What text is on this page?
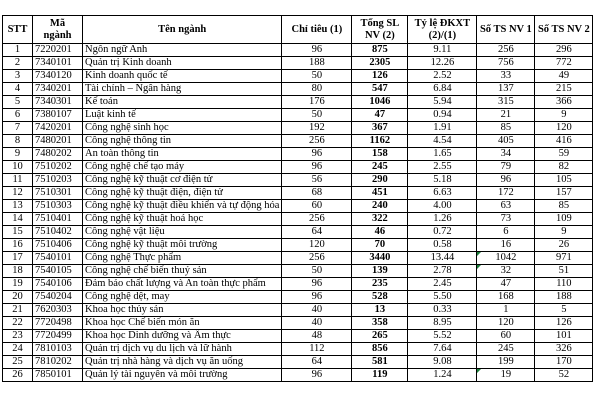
STT	Mã ngành	Tên ngành	Chỉ tiêu (1)	Tổng SL NV (2)	Tỷ lệ ĐKXT (2)/(1)	Số TS NV 1	Số TS NV 2
1	7220201	Ngôn ngữ Anh	96	875	9.11	256	296
2	7340101	Quản trị Kinh doanh	188	2305	12.26	756	772
3	7340120	Kinh doanh quốc tế	50	126	2.52	33	49
4	7340201	Tài chính – Ngân hàng	80	547	6.84	137	215
5	7340301	Kế toán	176	1046	5.94	315	366
6	7380107	Luật kinh tế	50	47	0.94	21	9
7	7420201	Công nghệ sinh học	192	367	1.91	85	120
8	7480201	Công nghệ thông tin	256	1162	4.54	405	416
9	7480202	An toàn thông tin	96	158	1.65	34	59
10	7510202	Công nghệ chế tạo máy	96	245	2.55	79	82
11	7510203	Công nghệ kỹ thuật cơ điện tử	56	290	5.18	96	105
12	7510301	Công nghệ kỹ thuật điện, điện tử	68	451	6.63	172	157
13	7510303	Công nghệ kỹ thuật điều khiển và tự động hóa	60	240	4.00	63	85
14	7510401	Công nghệ kỹ thuật hoá học	256	322	1.26	73	109
15	7510402	Công nghệ vật liệu	64	46	0.72	6	9
16	7510406	Công nghệ kỹ thuật môi trường	120	70	0.58	16	26
17	7540101	Công nghệ Thực phẩm	256	3440	13.44	1042	971
18	7540105	Công nghệ chế biến thuỷ sản	50	139	2.78	32	51
19	7540106	Đảm bảo chất lượng và An toàn thực phẩm	96	235	2.45	47	110
20	7540204	Công nghệ dệt, may	96	528	5.50	168	188
21	7620303	Khoa học thủy sản	40	13	0.33	1	5
22	7720498	Khoa học Chế biến món ăn	40	358	8.95	120	126
23	7720499	Khoa học Dinh dưỡng và Ẩm thực	48	265	5.52	60	101
24	7810103	Quản trị dịch vụ du lịch và lữ hành	112	856	7.64	245	326
25	7810202	Quản trị nhà hàng và dịch vụ ăn uống	64	581	9.08	199	170
26	7850101	Quản lý tài nguyên và môi trường	96	119	1.24	19	52
